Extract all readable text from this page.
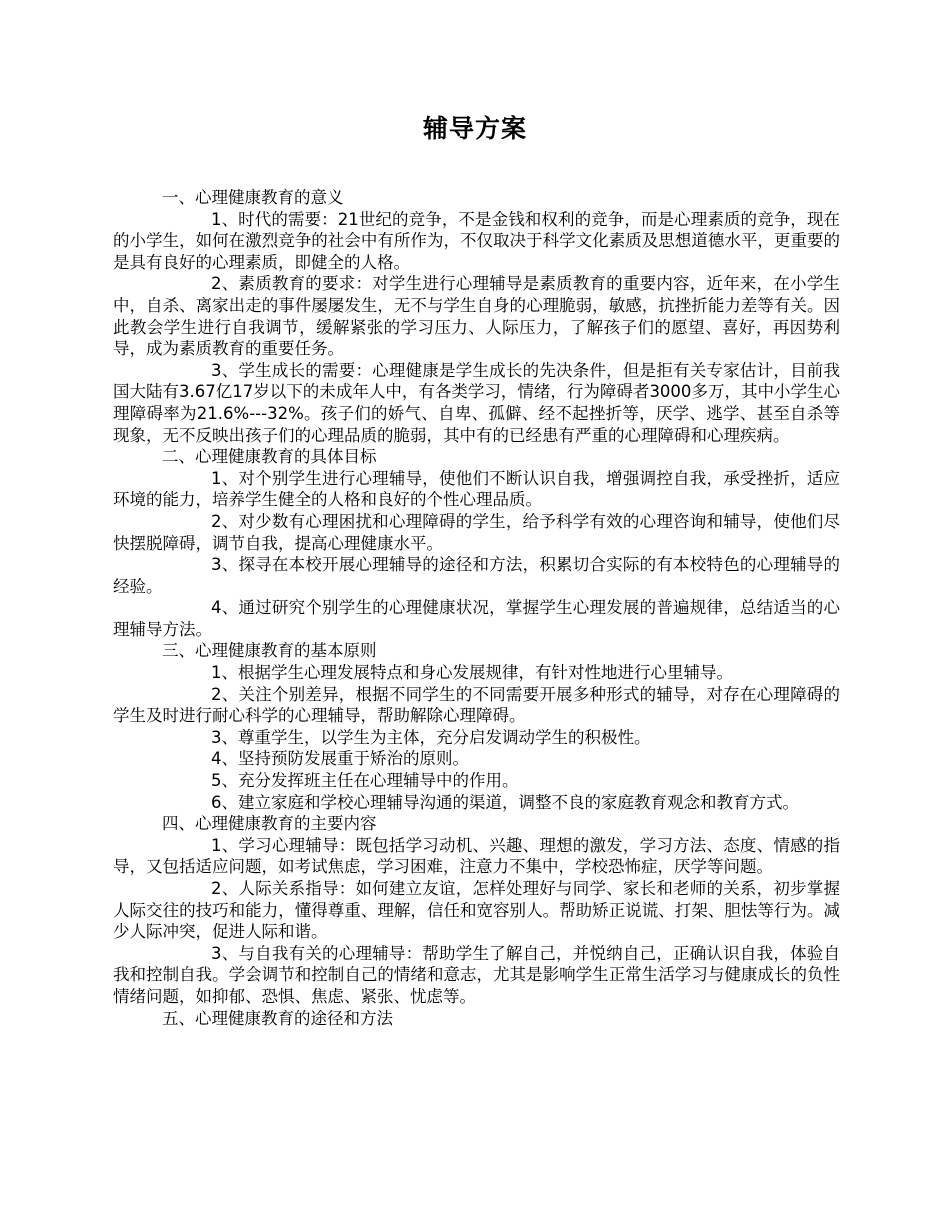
辅导方案

一、心理健康教育的意义

1、时代的需要：21世纪的竞争，不是金钱和权利的竞争，而是心理素质的竞争，现在的小学生，如何在激烈竞争的社会中有所作为，不仅取决于科学文化素质及思想道德水平，更重要的是具有良好的心理素质，即健全的人格。

2、素质教育的要求：对学生进行心理辅导是素质教育的重要内容，近年来，在小学生中，自杀、离家出走的事件屡屡发生，无不与学生自身的心理脆弱，敏感，抗挫折能力差等有关。因此教会学生进行自我调节，缓解紧张的学习压力、人际压力，了解孩子们的愿望、喜好，再因势利导，成为素质教育的重要任务。

3、学生成长的需要：心理健康是学生成长的先决条件，但是拒有关专家估计，目前我国大陆有3.67亿17岁以下的未成年人中，有各类学习，情绪，行为障碍者3000多万，其中小学生心理障碍率为21.6%---32%。孩子们的娇气、自卑、孤僻、经不起挫折等，厌学、逃学、甚至自杀等现象，无不反映出孩子们的心理品质的脆弱，其中有的已经患有严重的心理障碍和心理疾病。

二、心理健康教育的具体目标

1、对个别学生进行心理辅导，使他们不断认识自我，增强调控自我，承受挫折，适应环境的能力，培养学生健全的人格和良好的个性心理品质。

2、对少数有心理困扰和心理障碍的学生，给予科学有效的心理咨询和辅导，使他们尽快摆脱障碍，调节自我，提高心理健康水平。

3、探寻在本校开展心理辅导的途径和方法，积累切合实际的有本校特色的心理辅导的经验。

4、通过研究个别学生的心理健康状况，掌握学生心理发展的普遍规律，总结适当的心理辅导方法。

三、心理健康教育的基本原则

1、根据学生心理发展特点和身心发展规律，有针对性地进行心里辅导。

2、关注个别差异，根据不同学生的不同需要开展多种形式的辅导，对存在心理障碍的学生及时进行耐心科学的心理辅导，帮助解除心理障碍。

3、尊重学生，以学生为主体，充分启发调动学生的积极性。

4、坚持预防发展重于矫治的原则。

5、充分发挥班主任在心理辅导中的作用。

6、建立家庭和学校心理辅导沟通的渠道，调整不良的家庭教育观念和教育方式。

四、心理健康教育的主要内容

1、学习心理辅导：既包括学习动机、兴趣、理想的激发，学习方法、态度、情感的指导，又包括适应问题，如考试焦虑，学习困难，注意力不集中，学校恐怖症，厌学等问题。

2、人际关系指导：如何建立友谊，怎样处理好与同学、家长和老师的关系，初步掌握人际交往的技巧和能力，懂得尊重、理解，信任和宽容别人。帮助矫正说谎、打架、胆怯等行为。减少人际冲突，促进人际和谐。

3、与自我有关的心理辅导：帮助学生了解自己，并悦纳自己，正确认识自我，体验自我和控制自我。学会调节和控制自己的情绪和意志，尤其是影响学生正常生活学习与健康成长的负性情绪问题，如抑郁、恐惧、焦虑、紧张、忧虑等。

五、心理健康教育的途径和方法
